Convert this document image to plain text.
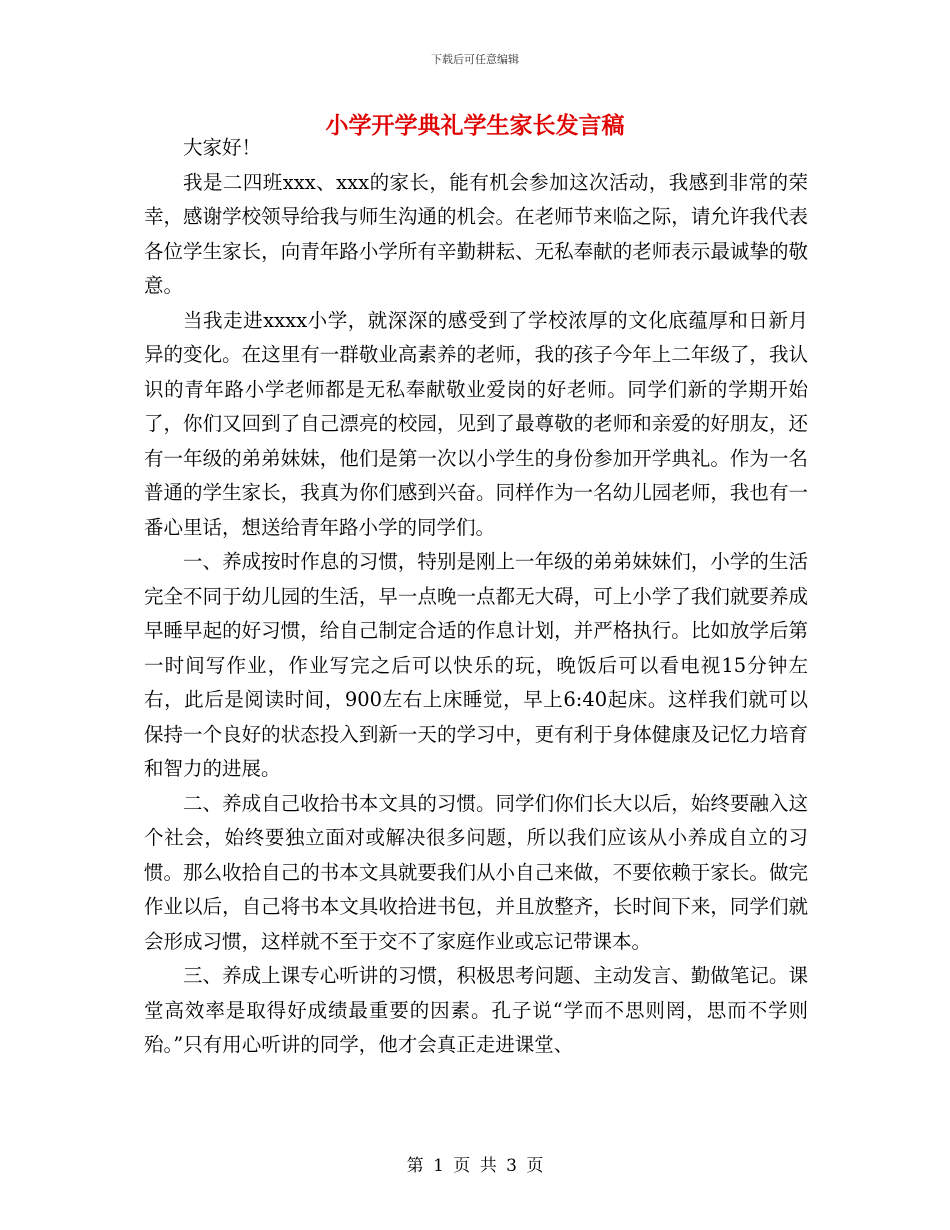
下载后可任意编辑
小学开学典礼学生家长发言稿

大家好！

我是二四班xxx、xxx的家长，能有机会参加这次活动，我感到非常的荣幸，感谢学校领导给我与师生沟通的机会。在老师节来临之际，请允许我代表各位学生家长，向青年路小学所有辛勤耕耘、无私奉献的老师表示最诚挚的敬意。

当我走进xxxx小学，就深深的感受到了学校浓厚的文化底蕴厚和日新月异的变化。在这里有一群敬业高素养的老师，我的孩子今年上二年级了，我认识的青年路小学老师都是无私奉献敬业爱岗的好老师。同学们新的学期开始了，你们又回到了自己漂亮的校园，见到了最尊敬的老师和亲爱的好朋友，还有一年级的弟弟妹妹，他们是第一次以小学生的身份参加开学典礼。作为一名普通的学生家长，我真为你们感到兴奋。同样作为一名幼儿园老师，我也有一番心里话，想送给青年路小学的同学们。

一、养成按时作息的习惯，特别是刚上一年级的弟弟妹妹们，小学的生活完全不同于幼儿园的生活，早一点晚一点都无大碍，可上小学了我们就要养成早睡早起的好习惯，给自己制定合适的作息计划，并严格执行。比如放学后第一时间写作业，作业写完之后可以快乐的玩，晚饭后可以看电视15分钟左右，此后是阅读时间，900左右上床睡觉，早上6:40起床。这样我们就可以保持一个良好的状态投入到新一天的学习中，更有利于身体健康及记忆力培育和智力的进展。

二、养成自己收拾书本文具的习惯。同学们你们长大以后，始终要融入这个社会，始终要独立面对或解决很多问题，所以我们应该从小养成自立的习惯。那么收拾自己的书本文具就要我们从小自己来做，不要依赖于家长。做完作业以后，自己将书本文具收拾进书包，并且放整齐，长时间下来，同学们就会形成习惯，这样就不至于交不了家庭作业或忘记带课本。

三、养成上课专心听讲的习惯，积极思考问题、主动发言、勤做笔记。课堂高效率是取得好成绩最重要的因素。孔子说“学而不思则罔，思而不学则殆。”只有用心听讲的同学，他才会真正走进课堂、

第 1 页 共 3 页
